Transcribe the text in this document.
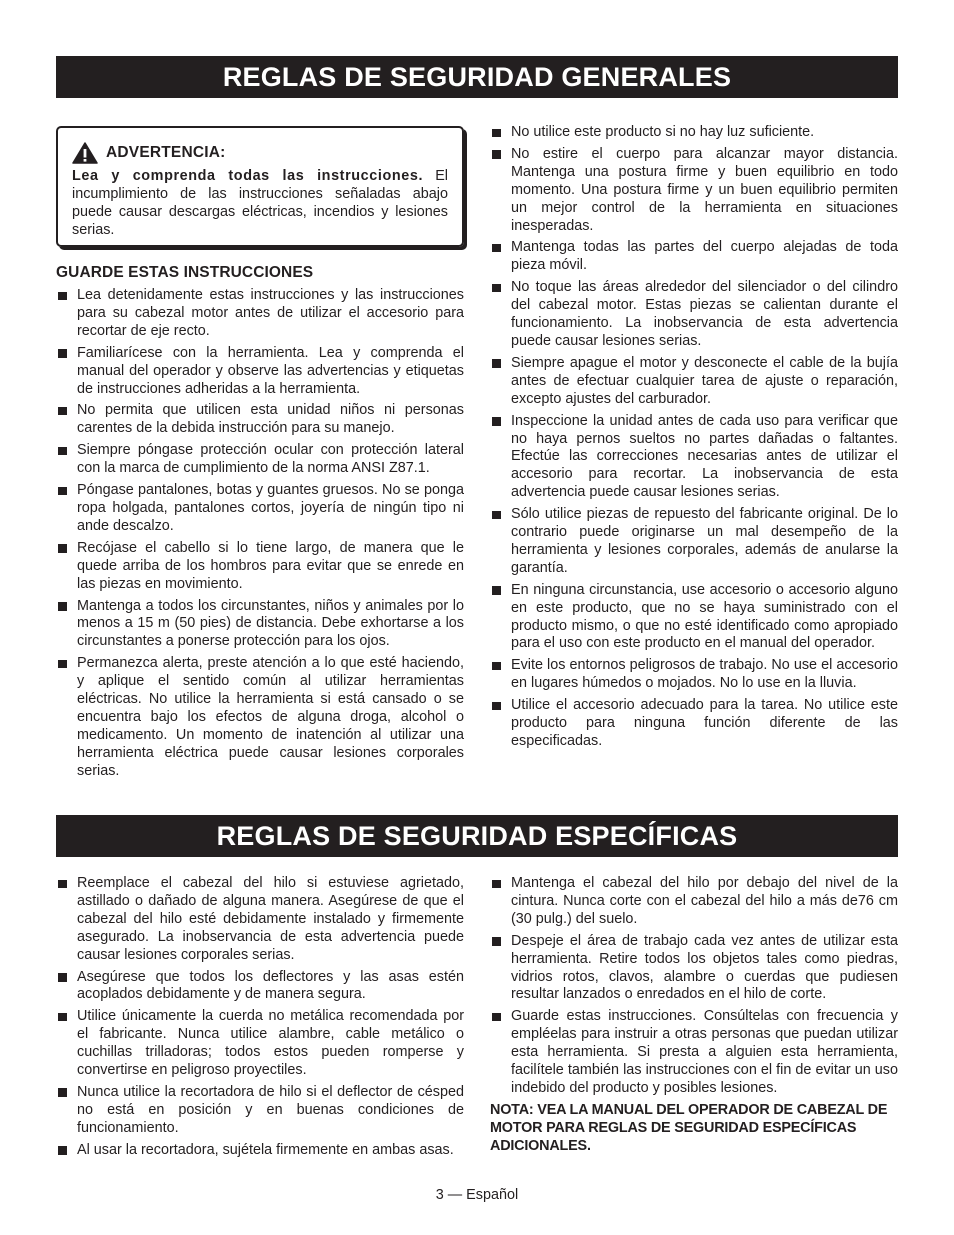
REGLAS DE SEGURIDAD GENERALES
ADVERTENCIA:
Lea y comprenda todas las instrucciones. El incumplimiento de las instrucciones señaladas abajo puede causar descargas eléctricas, incendios y lesiones serias.
GUARDE ESTAS INSTRUCCIONES
Lea detenidamente estas instrucciones y las instrucciones para su cabezal motor antes de utilizar el accesorio para recortar de eje recto.
Familiarícese con la herramienta. Lea y comprenda el manual del operador y observe las advertencias y etiquetas de instrucciones adheridas a la herramienta.
No permita que utilicen esta unidad niños ni personas carentes de la debida instrucción para su manejo.
Siempre póngase protección ocular con protección lateral con la marca de cumplimiento de la norma ANSI Z87.1.
Póngase pantalones, botas y guantes gruesos. No se ponga ropa holgada, pantalones cortos, joyería de ningún tipo ni ande descalzo.
Recójase el cabello si lo tiene largo, de manera que le quede arriba de los hombros para evitar que se enrede en las piezas en movimiento.
Mantenga a todos los circunstantes, niños y animales por lo menos a 15 m (50 pies) de distancia. Debe exhortarse a los circunstantes a ponerse protección para los ojos.
Permanezca alerta, preste atención a lo que esté haciendo, y aplique el sentido común al utilizar herramientas eléctricas. No utilice la herramienta si está cansado o se encuentra bajo los efectos de alguna droga, alcohol o medicamento. Un momento de inatención al utilizar una herramienta eléctrica puede causar lesiones corporales serias.
No utilice este producto si no hay luz suficiente.
No estire el cuerpo para alcanzar mayor distancia. Mantenga una postura firme y buen equilibrio en todo momento. Una postura firme y un buen equilibrio permiten un mejor control de la herramienta en situaciones inesperadas.
Mantenga todas las partes del cuerpo alejadas de toda pieza móvil.
No toque las áreas alrededor del silenciador o del cilindro del cabezal motor. Estas piezas se calientan durante el funcionamiento. La inobservancia de esta advertencia puede causar lesiones serias.
Siempre apague el motor y desconecte el cable de la bujía antes de efectuar cualquier tarea de ajuste o reparación, excepto ajustes del carburador.
Inspeccione la unidad antes de cada uso para verificar que no haya pernos sueltos no partes dañadas o faltantes. Efectúe las correcciones necesarias antes de utilizar el accesorio para recortar. La inobservancia de esta advertencia puede causar lesiones serias.
Sólo utilice piezas de repuesto del fabricante original. De lo contrario puede originarse un mal desempeño de la herramienta y lesiones corporales, además de anularse la garantía.
En ninguna circunstancia, use accesorio o accesorio alguno en este producto, que no se haya suministrado con el producto mismo, o que no esté identificado como apropiado para el uso con este producto en el manual del operador.
Evite los entornos peligrosos de trabajo. No use el accesorio en lugares húmedos o mojados. No lo use en la lluvia.
Utilice el accesorio adecuado para la tarea. No utilice este producto para ninguna función diferente de las especificadas.
REGLAS DE SEGURIDAD ESPECÍFICAS
Reemplace el cabezal del hilo si estuviese agrietado, astillado o dañado de alguna manera. Asegúrese de que el cabezal del hilo esté debidamente instalado y firmemente asegurado. La inobservancia de esta advertencia puede causar lesiones corporales serias.
Asegúrese que todos los deflectores y las asas estén acoplados debidamente y de manera segura.
Utilice únicamente la cuerda no metálica recomendada por el fabricante. Nunca utilice alambre, cable metálico o cuchillas trilladoras; todos estos pueden romperse y convertirse en peligroso proyectiles.
Nunca utilice la recortadora de hilo si el deflector de césped no está en posición y en buenas condiciones de funcionamiento.
Al usar la recortadora, sujétela firmemente en ambas asas.
Mantenga el cabezal del hilo por debajo del nivel de la cintura. Nunca corte con el cabezal del hilo a más de76 cm (30 pulg.) del suelo.
Despeje el área de trabajo cada vez antes de utilizar esta herramienta. Retire todos los objetos tales como piedras, vidrios rotos, clavos, alambre o cuerdas que pudiesen resultar lanzados o enredados en el hilo de corte.
Guarde estas instrucciones. Consúltelas con frecuencia y empléelas para instruir a otras personas que puedan utilizar esta herramienta. Si presta a alguien esta herramienta, facilítele también las instrucciones con el fin de evitar un uso indebido del producto y posibles lesiones.
NOTA: VEA LA MANUAL DEL OPERADOR DE CABEZAL DE MOTOR PARA REGLAS DE SEGURIDAD ESPECÍFICAS ADICIONALES.
3 — Español
